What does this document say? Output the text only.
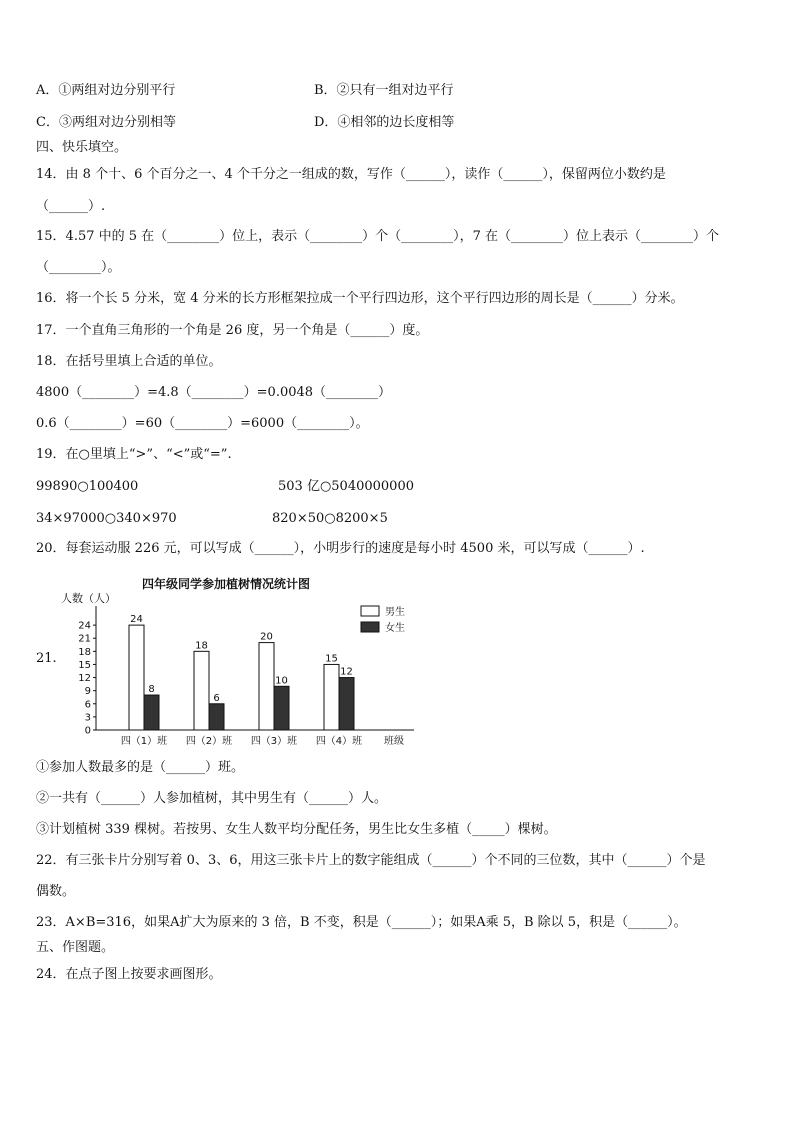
A．①两组对边分别平行	B．②只有一组对边平行
C．③两组对边分别相等	D．④相邻的边长度相等
四、快乐填空。
14．由 8 个十、6 个百分之一、4 个千分之一组成的数，写作（______），读作（______），保留两位小数约是
（______）.
15．4.57 中的 5 在（________）位上，表示（________）个（________），7 在（________）位上表示（________）个
（________）。
16．将一个长 5 分米，宽 4 分米的长方形框架拉成一个平行四边形，这个平行四边形的周长是（______）分米。
17．一个直角三角形的一个角是 26 度，另一个角是（______）度。
18．在括号里填上合适的单位。
4800（________）=4.8（________）=0.0048（________）
0.6（________）=60（________）=6000（________）。
19．在○里填上“>”、“<”或“=”.
99890○100400	503 亿○5040000000
34×97000○340×970	820×50○8200×5
20．每套运动服 226 元，可以写成（______），小明步行的速度是每小时 4500 米，可以写成（______）.
21.
四年级同学参加植树情况统计图
人数（人）
班级
0
3
6
9
12
15
18
21
24
24
8
四（1）班
18
6
四（2）班
20
10
四（3）班
15
12
四（4）班
男生
女生
①参加人数最多的是（______）班。
②一共有（______）人参加植树，其中男生有（______）人。
③计划植树 339 棵树。若按男、女生人数平均分配任务，男生比女生多植（_____）棵树。
22．有三张卡片分别写着 0、3、6，用这三张卡片上的数字能组成（______）个不同的三位数，其中（______）个是
偶数。
23．A×B=316，如果A扩大为原来的 3 倍，B 不变，积是（______）；如果A乘 5，B 除以 5，积是（______）。
五、作图题。
24．在点子图上按要求画图形。
